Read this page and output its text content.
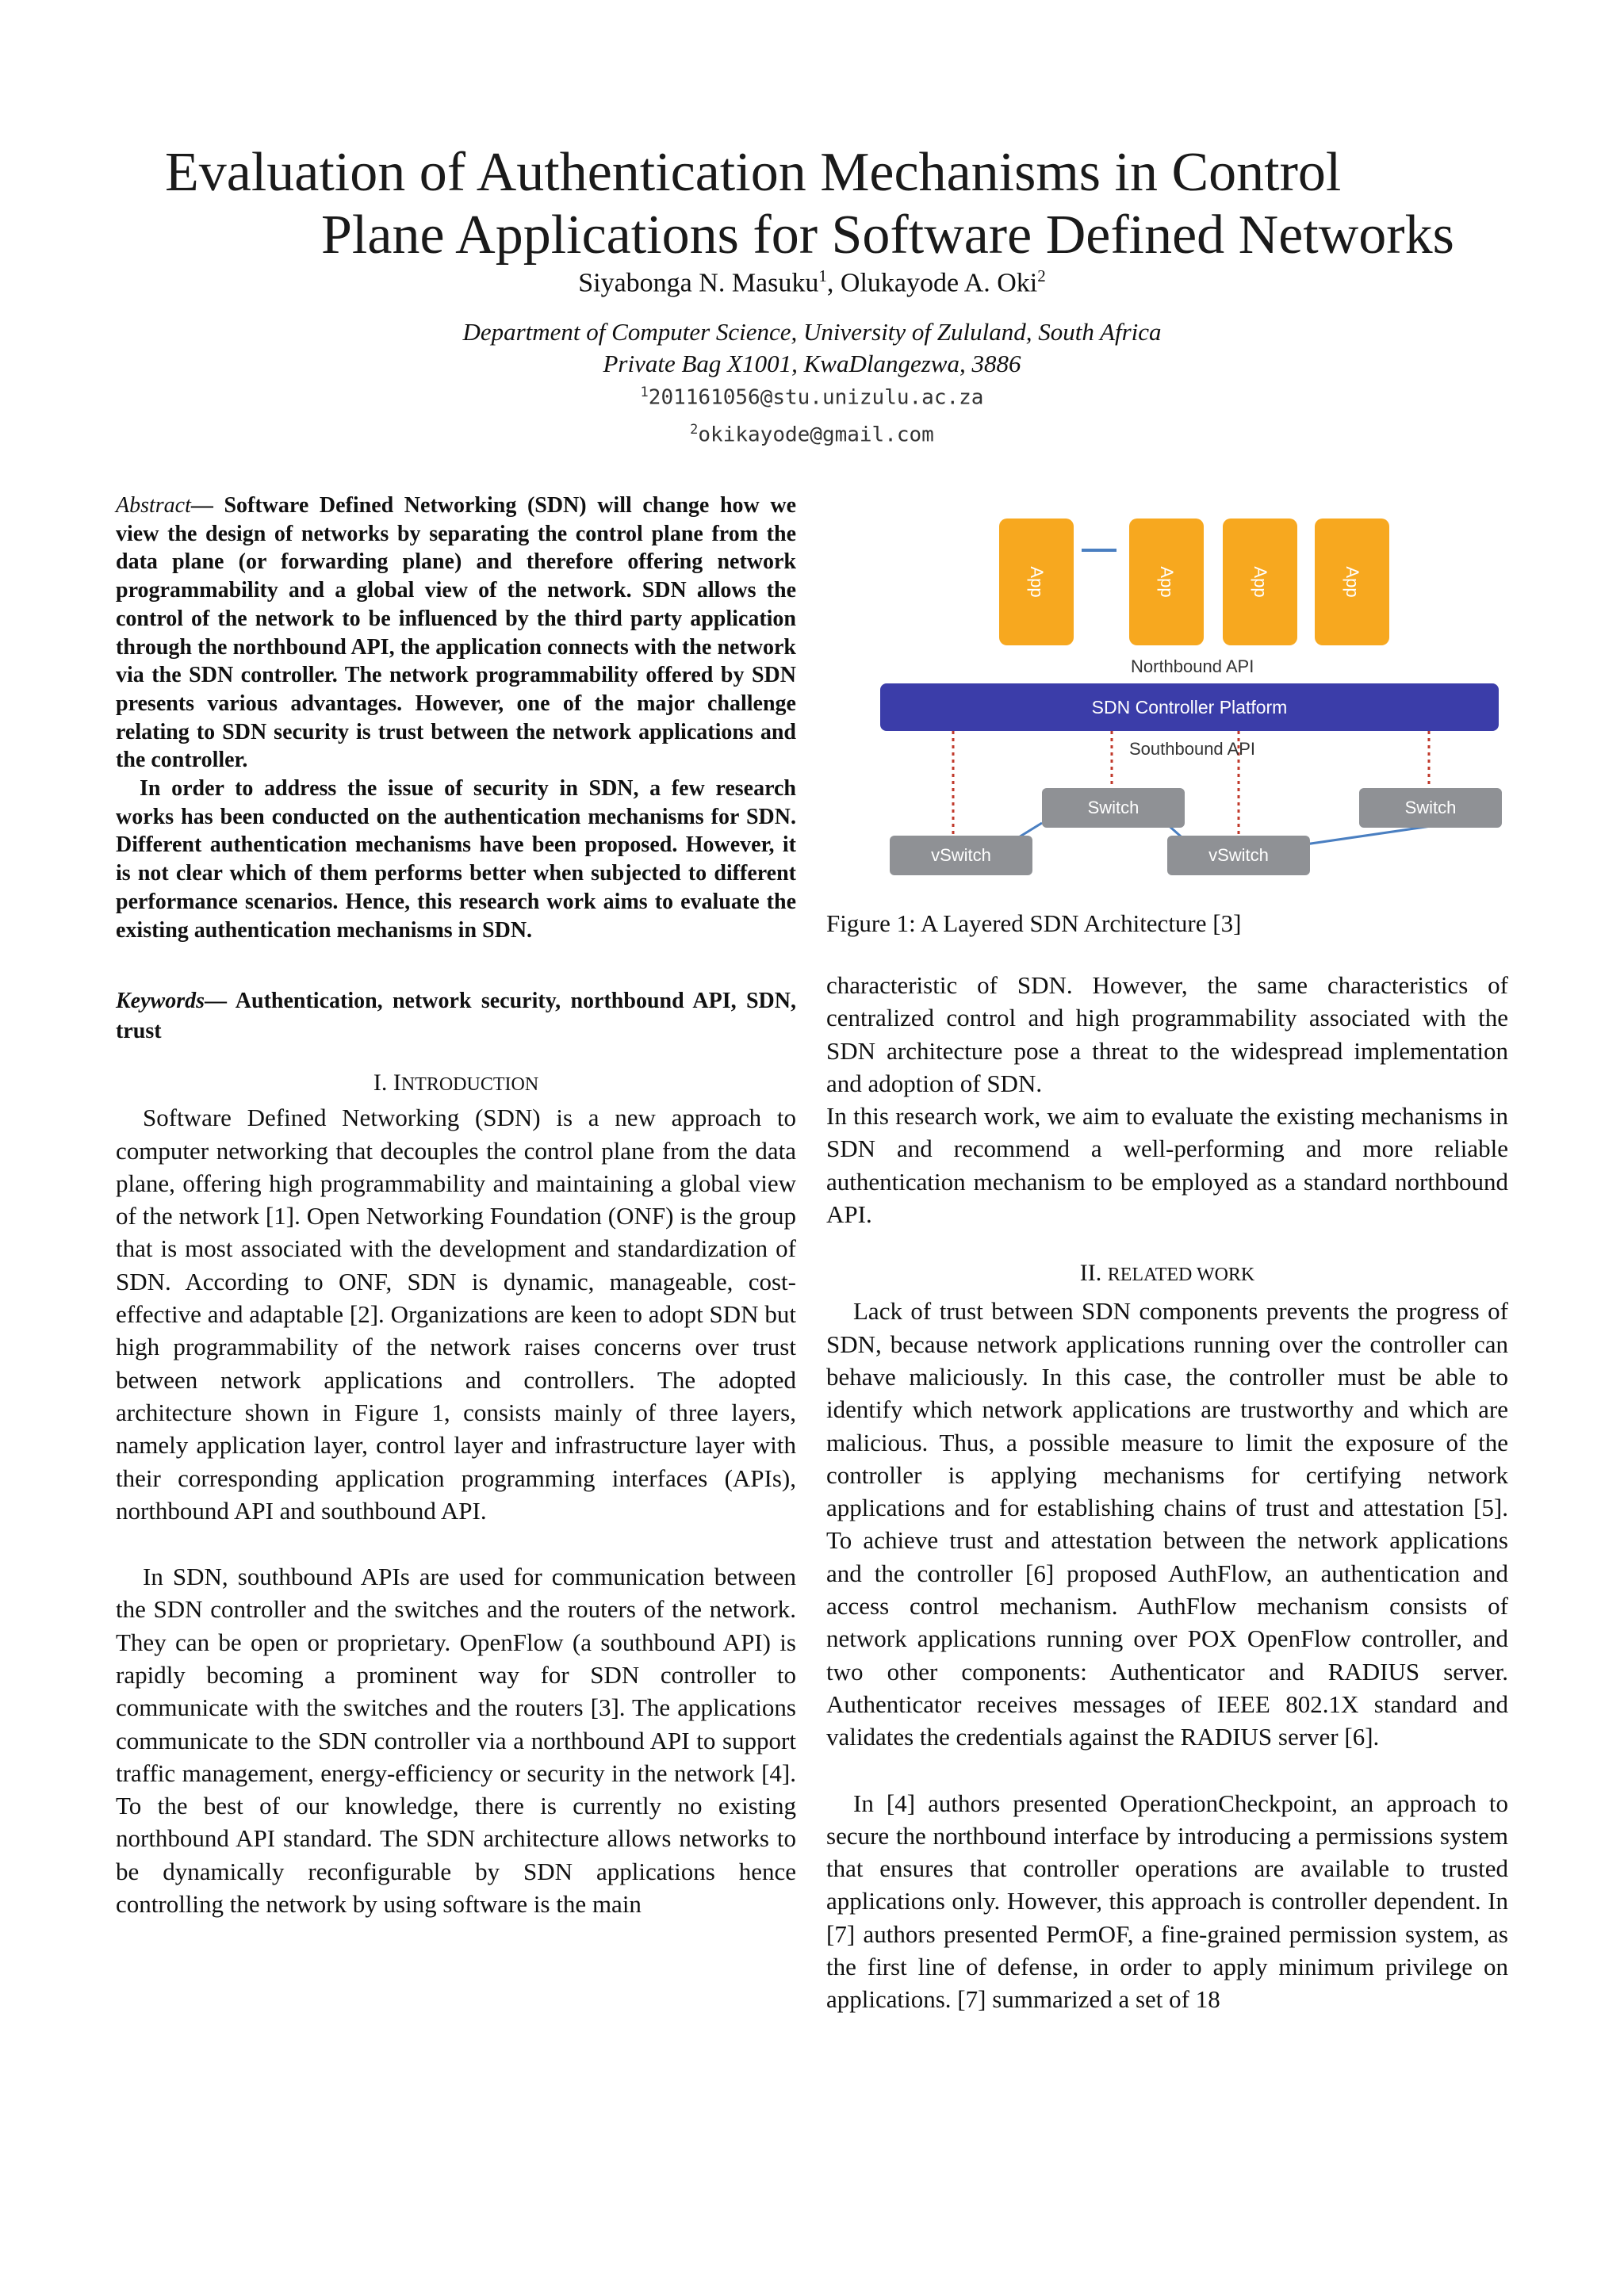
Evaluation of Authentication Mechanisms in Control
Plane Applications for Software Defined Networks
Siyabonga N. Masuku$^1$, Olukayode A. Oki$^2$
Department of Computer Science, University of Zululand, South Africa
Private Bag X1001, KwaDlangezwa, 3886
$^1$201161056@stu.unizulu.ac.za
$^2$okikayode@gmail.com

Abstract— Software Defined Networking (SDN) will change how we view the design of networks by separating the control plane from the data plane (or forwarding plane) and therefore offering network programmability and a global view of the network. SDN allows the control of the network to be influenced by the third party application through the northbound API, the application connects with the network via the SDN controller. The network programmability offered by SDN presents various advantages. However, one of the major challenge relating to SDN security is trust between the network applications and the controller.

In order to address the issue of security in SDN, a few research works has been conducted on the authentication mechanisms for SDN. Different authentication mechanisms have been proposed. However, it is not clear which of them performs better when subjected to different performance scenarios. Hence, this research work aims to evaluate the existing authentication mechanisms in SDN.

Keywords— Authentication, network security, northbound API, SDN, trust

I. INTRODUCTION

Software Defined Networking (SDN) is a new approach to computer networking that decouples the control plane from the data plane, offering high programmability and maintaining a global view of the network [1]. Open Networking Foundation (ONF) is the group that is most associated with the development and standardization of SDN. According to ONF, SDN is dynamic, manageable, cost-effective and adaptable [2]. Organizations are keen to adopt SDN but high programmability of the network raises concerns over trust between network applications and controllers. The adopted architecture shown in Figure 1, consists mainly of three layers, namely application layer, control layer and infrastructure layer with their corresponding application programming interfaces (APIs), northbound API and southbound API.

In SDN, southbound APIs are used for communication between the SDN controller and the switches and the routers of the network. They can be open or proprietary. OpenFlow (a southbound API) is rapidly becoming a prominent way for SDN controller to communicate with the switches and the routers [3]. The applications communicate to the SDN controller via a northbound API to support traffic management, energy-efficiency or security in the network [4]. To the best of our knowledge, there is currently no existing northbound API standard. The SDN architecture allows networks to be dynamically reconfigurable by SDN applications hence controlling the network by using software is the main

App	App	App	App
Northbound API
SDN Controller Platform
Southbound API
Switch	Switch
vSwitch	vSwitch
Figure 1: A Layered SDN Architecture [3]

characteristic of SDN. However, the same characteristics of centralized control and high programmability associated with the SDN architecture pose a threat to the widespread implementation and adoption of SDN.

In this research work, we aim to evaluate the existing mechanisms in SDN and recommend a well-performing and more reliable authentication mechanism to be employed as a standard northbound API.

II. RELATED WORK

Lack of trust between SDN components prevents the progress of SDN, because network applications running over the controller can behave maliciously. In this case, the controller must be able to identify which network applications are trustworthy and which are malicious. Thus, a possible measure to limit the exposure of the controller is applying mechanisms for certifying network applications and for establishing chains of trust and attestation [5]. To achieve trust and attestation between the network applications and the controller [6] proposed AuthFlow, an authentication and access control mechanism. AuthFlow mechanism consists of network applications running over POX OpenFlow controller, and two other components: Authenticator and RADIUS server. Authenticator receives messages of IEEE 802.1X standard and validates the credentials against the RADIUS server [6].

In [4] authors presented OperationCheckpoint, an approach to secure the northbound interface by introducing a permissions system that ensures that controller operations are available to trusted applications only. However, this approach is controller dependent. In [7] authors presented PermOF, a fine-grained permission system, as the first line of defense, in order to apply minimum privilege on applications. [7] summarized a set of 18
